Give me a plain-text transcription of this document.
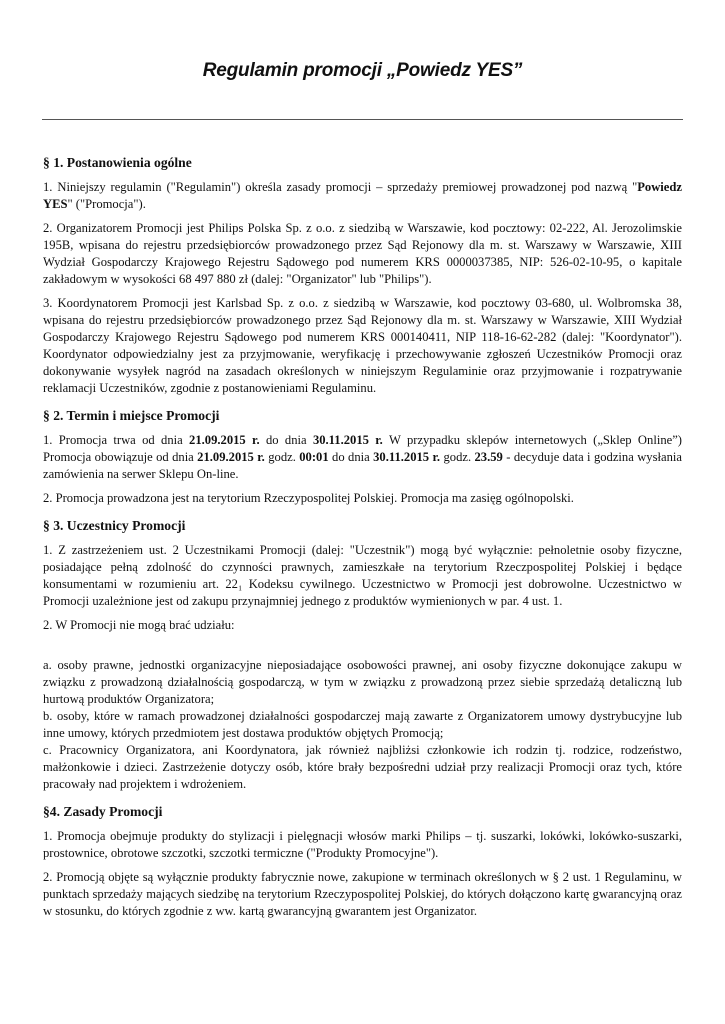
Regulamin promocji „Powiedz YES”
§ 1. Postanowienia ogólne

1. Niniejszy regulamin ("Regulamin") określa zasady promocji – sprzedaży premiowej prowadzonej pod nazwą "Powiedz YES" ("Promocja").

2. Organizatorem Promocji jest Philips Polska Sp. z o.o. z siedzibą w Warszawie, kod pocztowy: 02-222, Al. Jerozolimskie 195B, wpisana do rejestru przedsiębiorców prowadzonego przez Sąd Rejonowy dla m. st. Warszawy w Warszawie, XIII Wydział Gospodarczy Krajowego Rejestru Sądowego pod numerem KRS 0000037385, NIP: 526-02-10-95, o kapitale zakładowym w wysokości 68 497 880 zł (dalej: "Organizator" lub "Philips").

3. Koordynatorem Promocji jest Karlsbad Sp. z o.o. z siedzibą w Warszawie, kod pocztowy 03-680, ul. Wolbromska 38, wpisana do rejestru przedsiębiorców prowadzonego przez Sąd Rejonowy dla m. st. Warszawy w Warszawie, XIII Wydział Gospodarczy Krajowego Rejestru Sądowego pod numerem KRS 000140411, NIP 118-16-62-282 (dalej: "Koordynator"). Koordynator odpowiedzialny jest za przyjmowanie, weryfikację i przechowywanie zgłoszeń Uczestników Promocji oraz dokonywanie wysyłek nagród na zasadach określonych w niniejszym Regulaminie oraz przyjmowanie i rozpatrywanie reklamacji Uczestników, zgodnie z postanowieniami Regulaminu.

§ 2. Termin i miejsce Promocji

1. Promocja trwa od dnia 21.09.2015 r. do dnia 30.11.2015 r. W przypadku sklepów internetowych („Sklep Online”) Promocja obowiązuje od dnia 21.09.2015 r. godz. 00:01 do dnia 30.11.2015 r. godz. 23.59 - decyduje data i godzina wysłania zamówienia na serwer Sklepu On-line.

2. Promocja prowadzona jest na terytorium Rzeczypospolitej Polskiej. Promocja ma zasięg ogólnopolski.

§ 3. Uczestnicy Promocji

1. Z zastrzeżeniem ust. 2 Uczestnikami Promocji (dalej: "Uczestnik") mogą być wyłącznie: pełnoletnie osoby fizyczne, posiadające pełną zdolność do czynności prawnych, zamieszkałe na terytorium Rzeczpospolitej Polskiej i będące konsumentami w rozumieniu art. 22₁ Kodeksu cywilnego. Uczestnictwo w Promocji jest dobrowolne. Uczestnictwo w Promocji uzależnione jest od zakupu przynajmniej jednego z produktów wymienionych w par. 4 ust. 1.

2. W Promocji nie mogą brać udziału:

a. osoby prawne, jednostki organizacyjne nieposiadające osobowości prawnej, ani osoby fizyczne dokonujące zakupu w związku z prowadzoną działalnością gospodarczą, w tym w związku z prowadzoną przez siebie sprzedażą detaliczną lub hurtową produktów Organizatora;

b. osoby, które w ramach prowadzonej działalności gospodarczej mają zawarte z Organizatorem umowy dystrybucyjne lub inne umowy, których przedmiotem jest dostawa produktów objętych Promocją;

c. Pracownicy Organizatora, ani Koordynatora, jak również najbliżsi członkowie ich rodzin tj. rodzice, rodzeństwo, małżonkowie i dzieci. Zastrzeżenie dotyczy osób, które brały bezpośredni udział przy realizacji Promocji oraz tych, które pracowały nad projektem i wdrożeniem.

§4. Zasady Promocji

1. Promocja obejmuje produkty do stylizacji i pielęgnacji włosów marki Philips – tj. suszarki, lokówki, lokówko-suszarki, prostownice, obrotowe szczotki, szczotki termiczne ("Produkty Promocyjne").

2. Promocją objęte są wyłącznie produkty fabrycznie nowe, zakupione w terminach określonych w § 2 ust. 1 Regulaminu, w punktach sprzedaży mających siedzibę na terytorium Rzeczypospolitej Polskiej, do których dołączono kartę gwarancyjną oraz w stosunku, do których zgodnie z ww. kartą gwarancyjną gwarantem jest Organizator.
